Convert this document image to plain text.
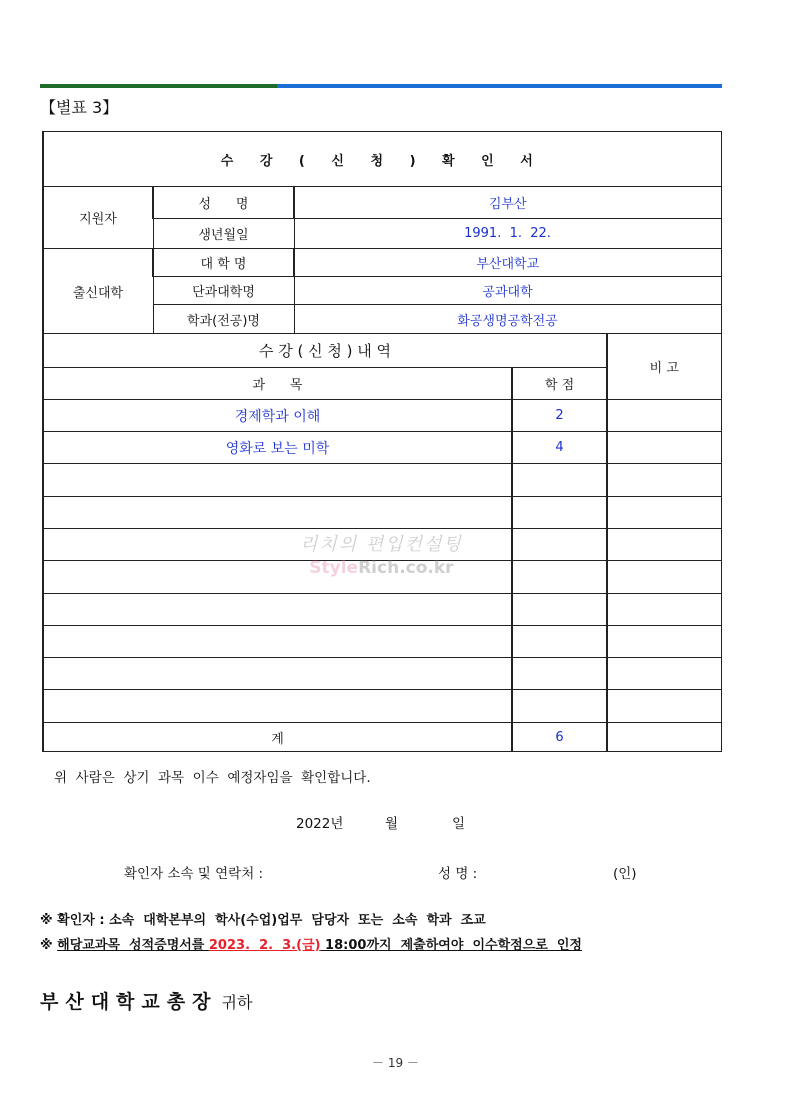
【별표 3】
수 강 ( 신 청 ) 확 인 서				
지원자	성      명	김부산		
	생년월일	1991.  1.  22.		
출신대학	대 학 명	부산대학교		
	단과대학명	공과대학		
	학과(전공)명	화공생명공학전공		
수 강 ( 신 청 ) 내 역				비 고
과      목			학 점	
경제학과 이해			2	
영화로 보는 미학			4	

계			6	
리치의 편입컨설팅
StyleRich.co.kr
위  사람은  상기  과목  이수  예정자임을  확인합니다.
2022년	월	일
확인자 소속 및 연락처 :	성 명 :	(인)
※ 확인자 : 소속  대학본부의  학사(수업)업무  담당자  또는  소속  학과  조교
※ 해당교과목  성적증명서를 2023.  2.  3.(금) 18:00까지  제출하여야  이수학점으로  인정
부산대학교총장 귀하
－ 19 －
